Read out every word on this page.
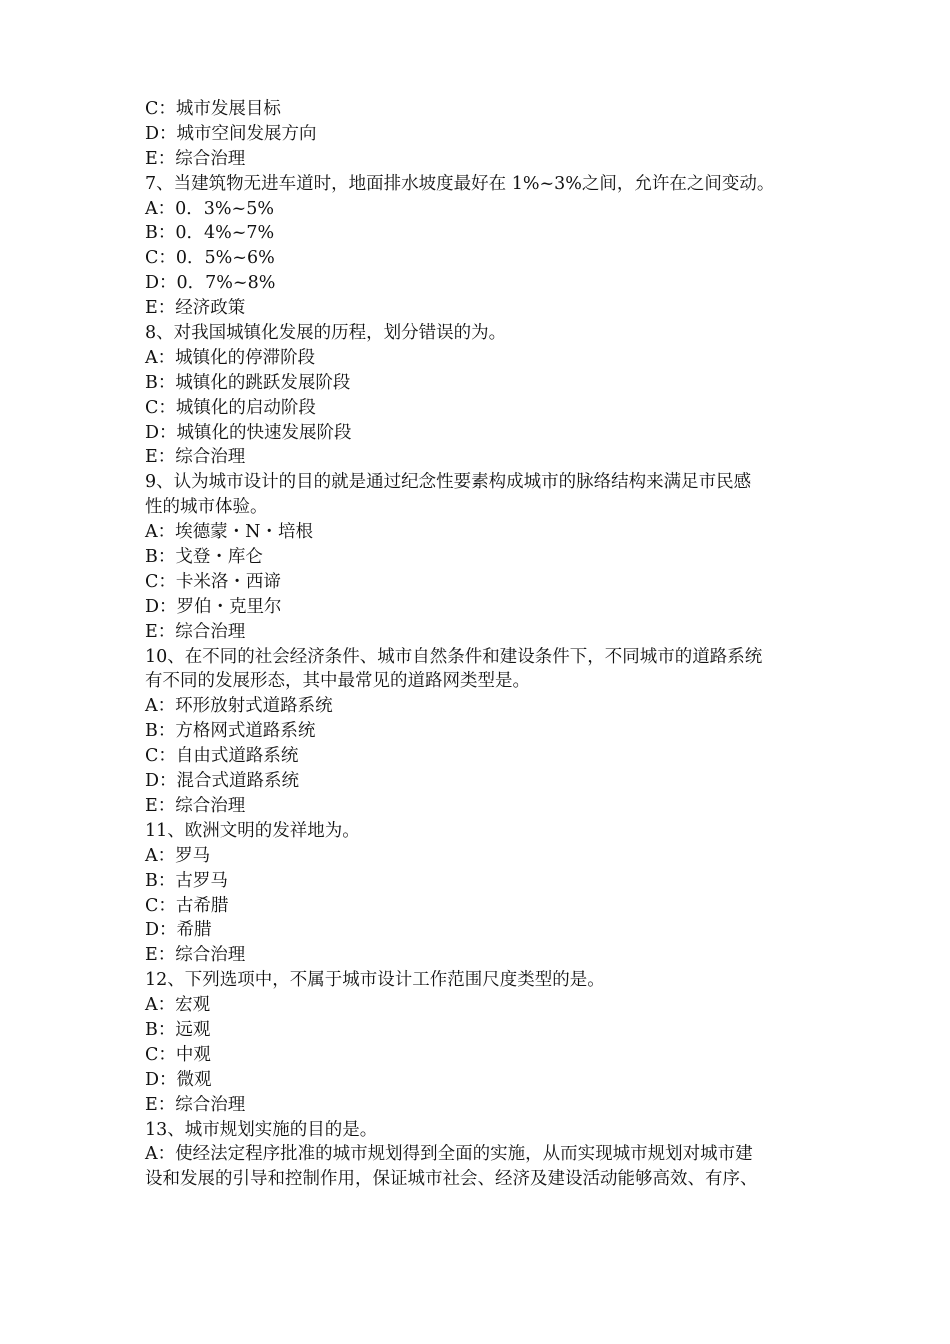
C：城市发展目标
D：城市空间发展方向
E：综合治理
7、当建筑物无进车道时，地面排水坡度最好在 1%~3%之间，允许在之间变动。
A：0．3%~5%
B：0．4%~7%
C：0．5%~6%
D：0．7%~8%
E：经济政策
8、对我国城镇化发展的历程，划分错误的为。
A：城镇化的停滞阶段
B：城镇化的跳跃发展阶段
C：城镇化的启动阶段
D：城镇化的快速发展阶段
E：综合治理
9、认为城市设计的目的就是通过纪念性要素构成城市的脉络结构来满足市民感
性的城市体验。
A：埃德蒙・N・培根
B：戈登・库仑
C：卡米洛・西谛
D：罗伯・克里尔
E：综合治理
10、在不同的社会经济条件、城市自然条件和建设条件下，不同城市的道路系统
有不同的发展形态，其中最常见的道路网类型是。
A：环形放射式道路系统
B：方格网式道路系统
C：自由式道路系统
D：混合式道路系统
E：综合治理
11、欧洲文明的发祥地为。
A：罗马
B：古罗马
C：古希腊
D：希腊
E：综合治理
12、下列选项中，不属于城市设计工作范围尺度类型的是。
A：宏观
B：远观
C：中观
D：微观
E：综合治理
13、城市规划实施的目的是。
A：使经法定程序批准的城市规划得到全面的实施，从而实现城市规划对城市建
设和发展的引导和控制作用，保证城市社会、经济及建设活动能够高效、有序、
